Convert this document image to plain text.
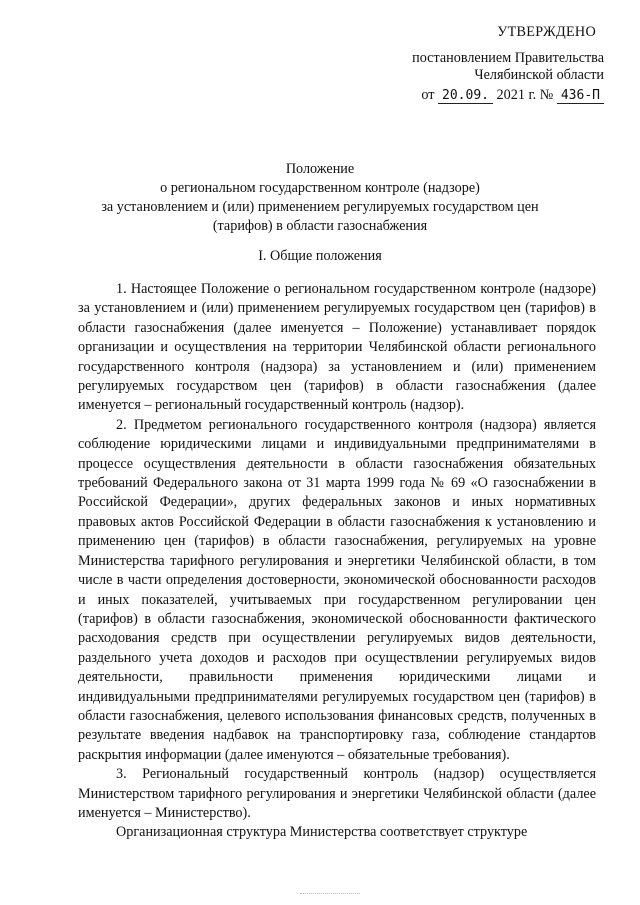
УТВЕРЖДЕНО
постановлением Правительства
Челябинской области
от 20.09. 2021 г. № 436-П
Положение
о региональном государственном контроле (надзоре)
за установлением и (или) применением регулируемых государством цен
(тарифов) в области газоснабжения
I. Общие положения

1. Настоящее Положение о региональном государственном контроле (надзоре) за установлением и (или) применением регулируемых государством цен (тарифов) в области газоснабжения (далее именуется – Положение) устанавливает порядок организации и осуществления на территории Челябинской области регионального государственного контроля (надзора) за установлением и (или) применением регулируемых государством цен (тарифов) в области газоснабжения (далее именуется – региональный государственный контроль (надзор).

2. Предметом регионального государственного контроля (надзора) является соблюдение юридическими лицами и индивидуальными предпринимателями в процессе осуществления деятельности в области газоснабжения обязательных требований Федерального закона от 31 марта 1999 года № 69 «О газоснабжении в Российской Федерации», других федеральных законов и иных нормативных правовых актов Российской Федерации в области газоснабжения к установлению и применению цен (тарифов) в области газоснабжения, регулируемых на уровне Министерства тарифного регулирования и энергетики Челябинской области, в том числе в части определения достоверности, экономической обоснованности расходов и иных показателей, учитываемых при государственном регулировании цен (тарифов) в области газоснабжения, экономической обоснованности фактического расходования средств при осуществлении регулируемых видов деятельности, раздельного учета доходов и расходов при осуществлении регулируемых видов деятельности, правильности применения юридическими лицами и индивидуальными предпринимателями регулируемых государством цен (тарифов) в области газоснабжения, целевого использования финансовых средств, полученных в результате введения надбавок на транспортировку газа, соблюдение стандартов раскрытия информации (далее именуются – обязательные требования).

3. Региональный государственный контроль (надзор) осуществляется Министерством тарифного регулирования и энергетики Челябинской области (далее именуется – Министерство).

Организационная структура Министерства соответствует структуре
